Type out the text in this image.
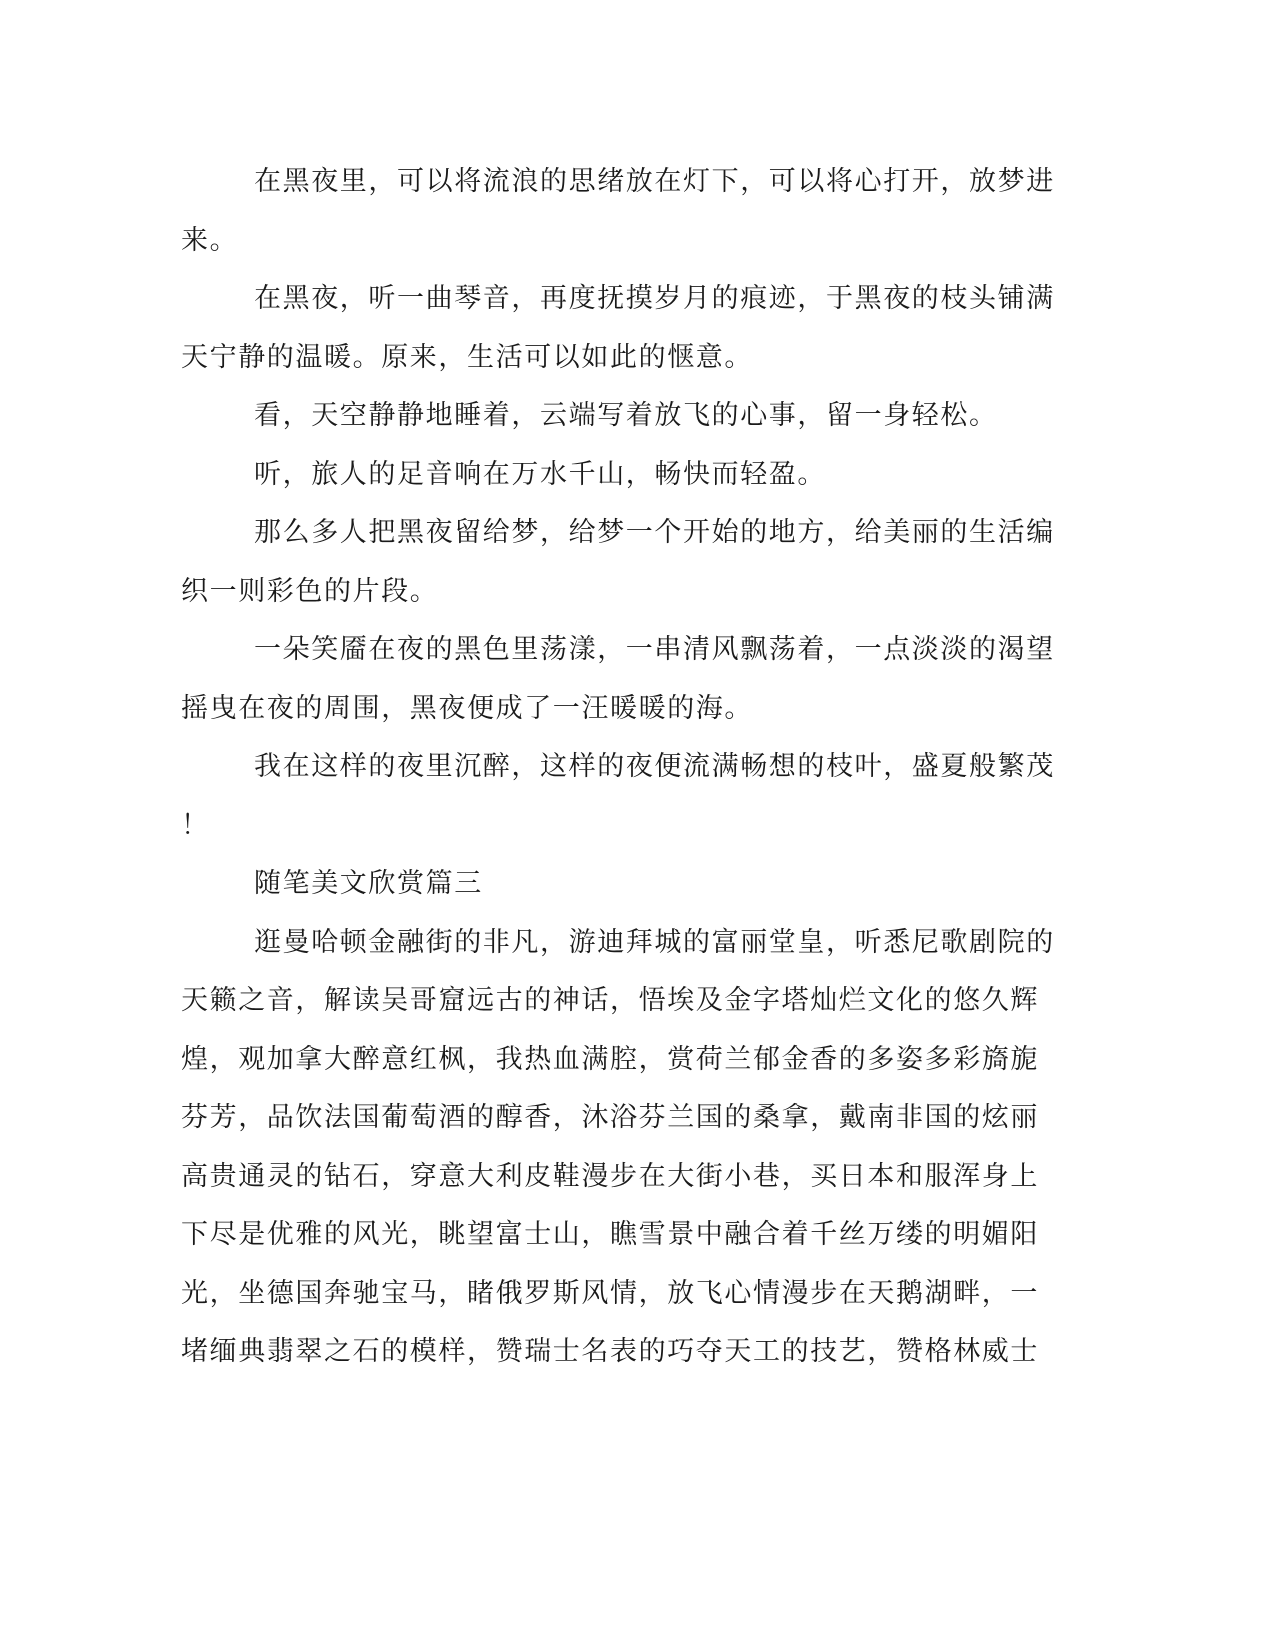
在黑夜里，可以将流浪的思绪放在灯下，可以将心打开，放梦进
来。
在黑夜，听一曲琴音，再度抚摸岁月的痕迹，于黑夜的枝头铺满
天宁静的温暖。原来，生活可以如此的惬意。
看，天空静静地睡着，云端写着放飞的心事，留一身轻松。
听，旅人的足音响在万水千山，畅快而轻盈。
那么多人把黑夜留给梦，给梦一个开始的地方，给美丽的生活编
织一则彩色的片段。
一朵笑靥在夜的黑色里荡漾，一串清风飘荡着，一点淡淡的渴望
摇曳在夜的周围，黑夜便成了一汪暖暖的海。
我在这样的夜里沉醉，这样的夜便流满畅想的枝叶，盛夏般繁茂
！
随笔美文欣赏篇三
逛曼哈顿金融街的非凡，游迪拜城的富丽堂皇，听悉尼歌剧院的
天籁之音，解读吴哥窟远古的神话，悟埃及金字塔灿烂文化的悠久辉
煌，观加拿大醉意红枫，我热血满腔，赏荷兰郁金香的多姿多彩旖旎
芬芳，品饮法国葡萄酒的醇香，沐浴芬兰国的桑拿，戴南非国的炫丽
高贵通灵的钻石，穿意大利皮鞋漫步在大街小巷，买日本和服浑身上
下尽是优雅的风光，眺望富士山，瞧雪景中融合着千丝万缕的明媚阳
光，坐德国奔驰宝马，睹俄罗斯风情，放飞心情漫步在天鹅湖畔，一
堵缅典翡翠之石的模样，赞瑞士名表的巧夺天工的技艺，赞格林威士
